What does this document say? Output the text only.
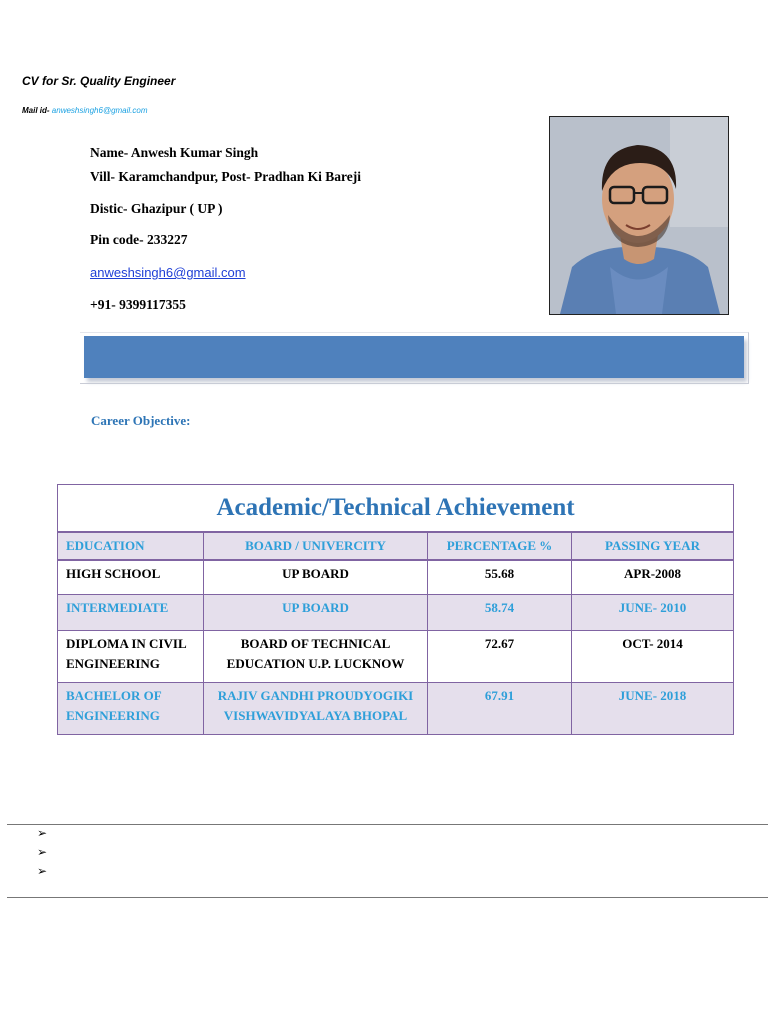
CV for Sr. Quality Engineer
Mail id- anweshsingh6@gmail.com
Name- Anwesh Kumar Singh
Vill- Karamchandpur, Post- Pradhan Ki Bareji
Distic- Ghazipur ( UP )
Pin code- 233227
anweshsingh6@gmail.com
+91- 9399117355
Career Objective:
Academic/Technical Achievement			
EDUCATION	BOARD / UNIVERCITY	PERCENTAGE %	PASSING YEAR
HIGH SCHOOL	UP BOARD	55.68	APR-2008
INTERMEDIATE	UP BOARD	58.74	JUNE- 2010
DIPLOMA IN CIVIL ENGINEERING	BOARD OF TECHNICAL EDUCATION U.P. LUCKNOW	72.67	OCT- 2014
BACHELOR OF ENGINEERING	RAJIV GANDHI PROUDYOGIKI VISHWAVIDYALAYA BHOPAL	67.91	JUNE- 2018
➢
➢
➢
